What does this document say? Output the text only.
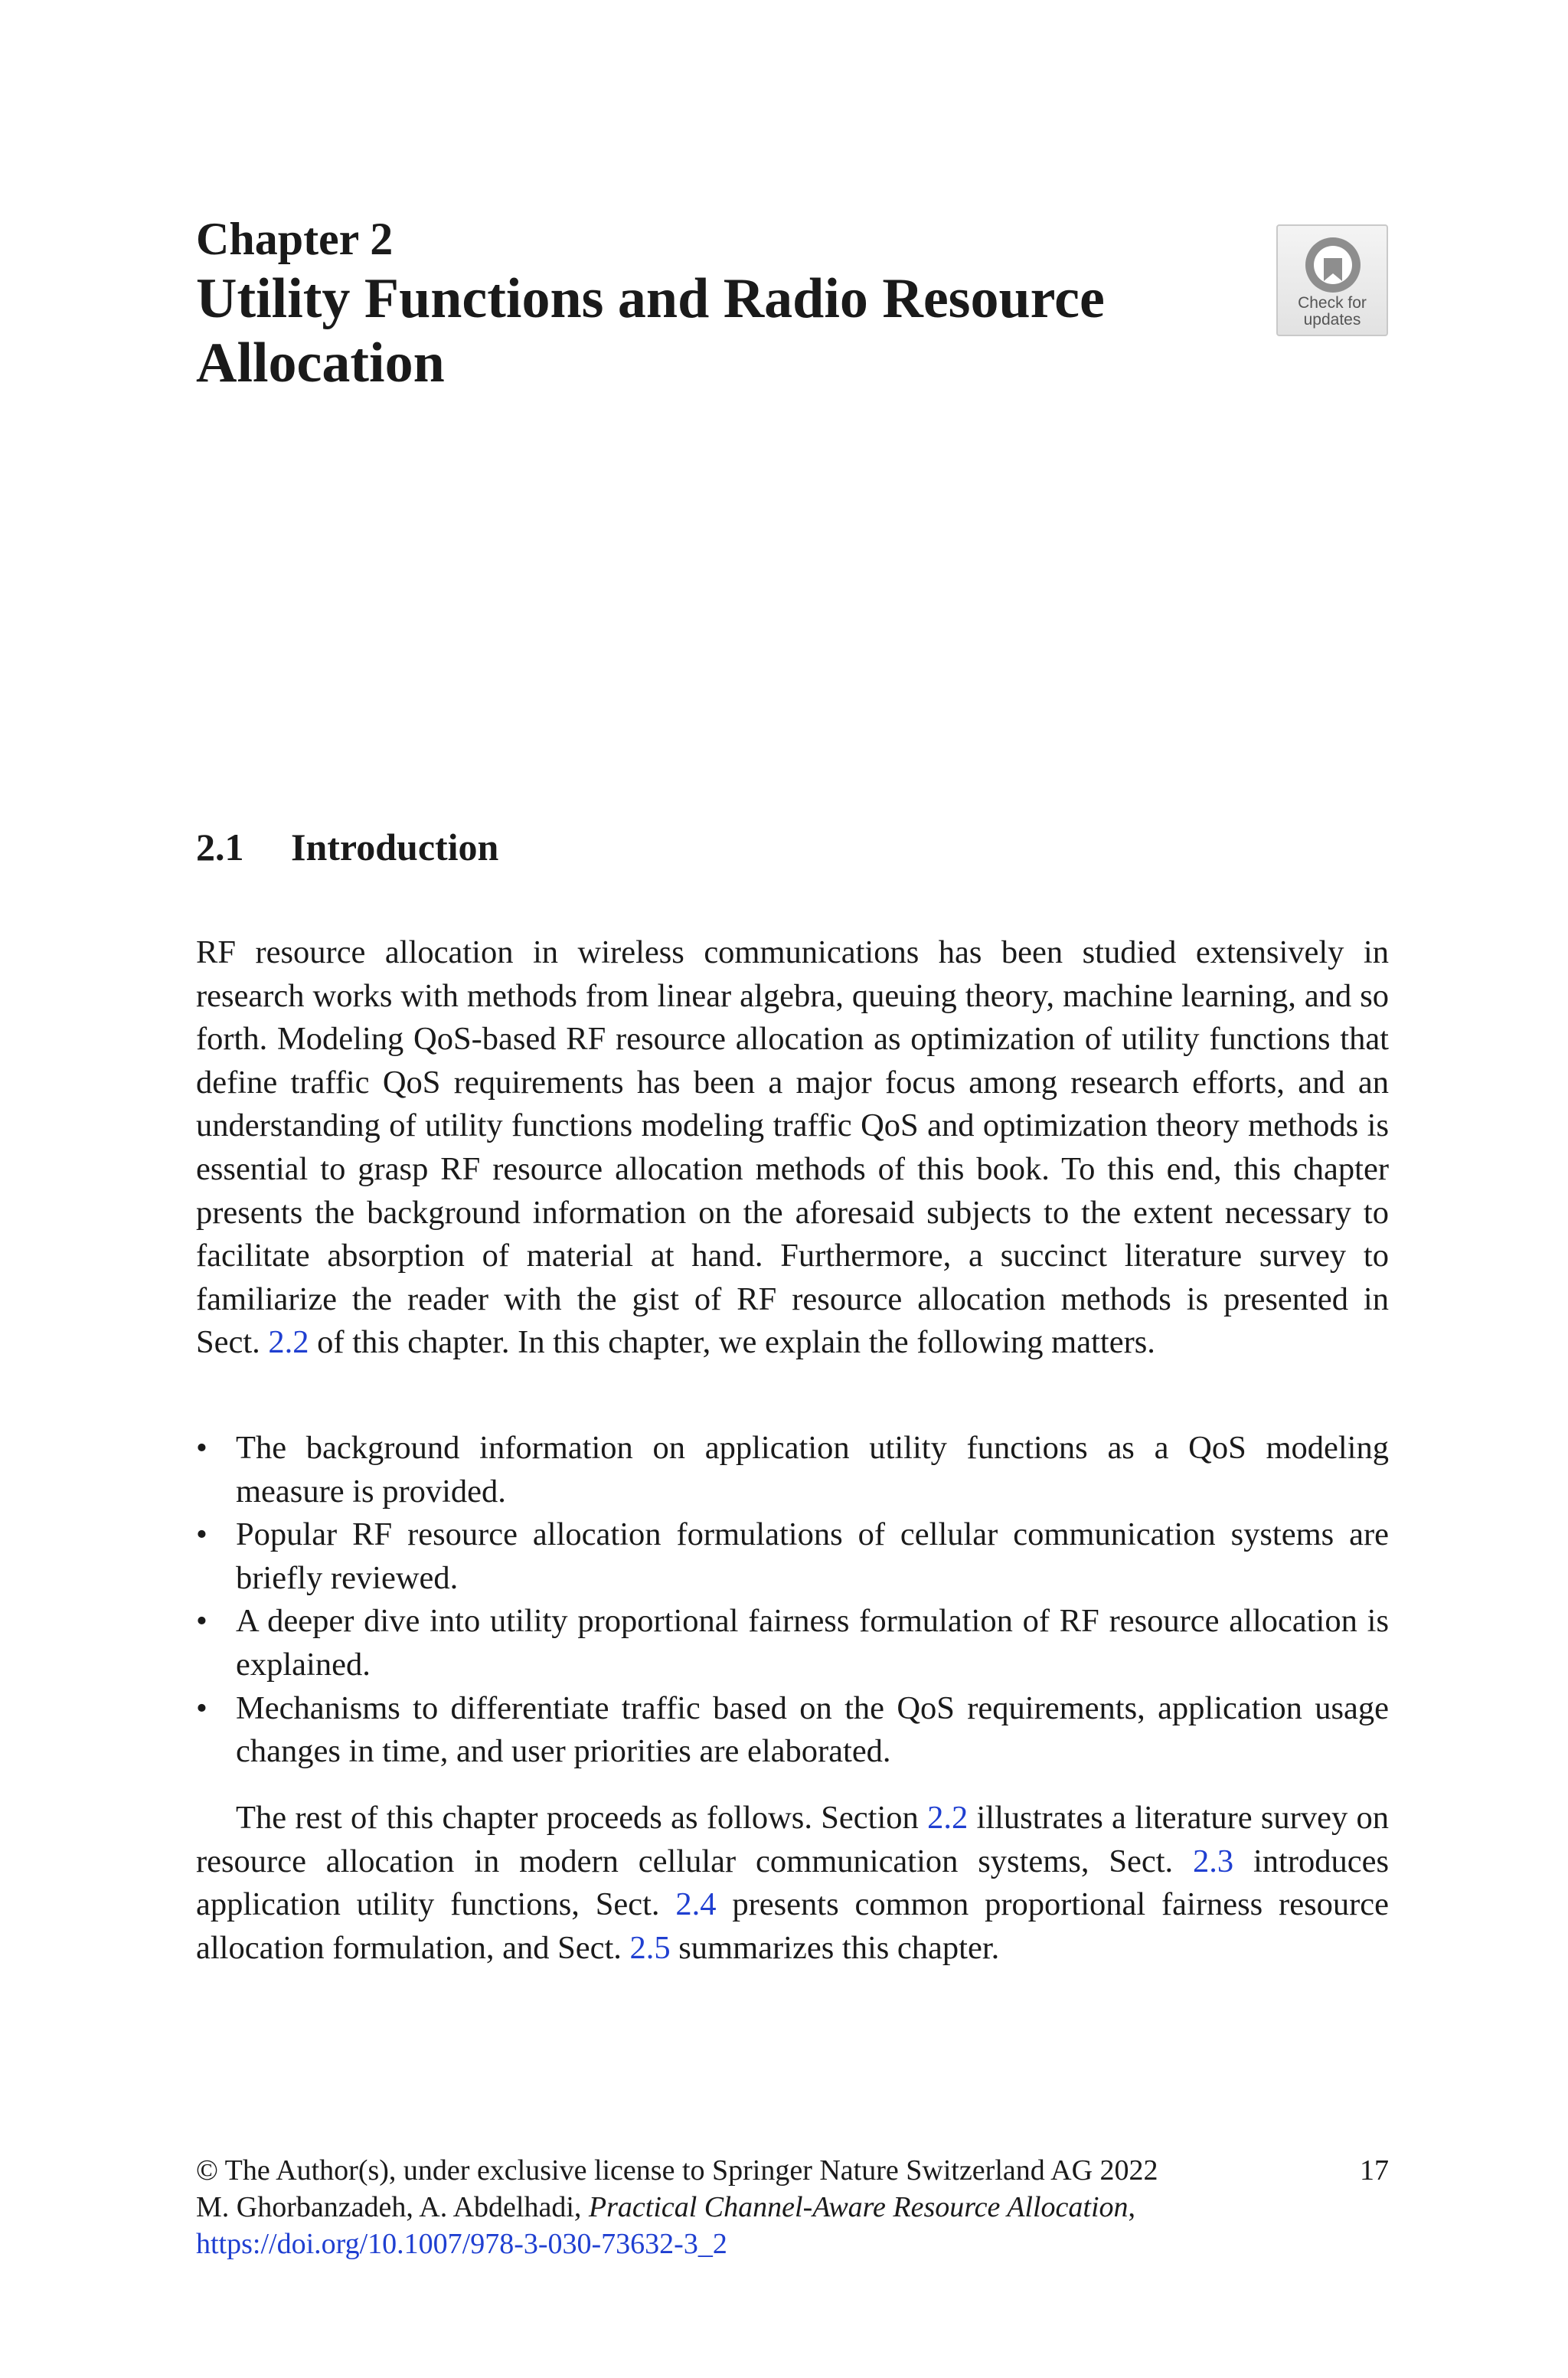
Chapter 2

Utility Functions and Radio Resource
Allocation

Check for
updates
2.1 Introduction

RF resource allocation in wireless communications has been studied extensively in research works with methods from linear algebra, queuing theory, machine learning, and so forth. Modeling QoS-based RF resource allocation as optimization of utility functions that define traffic QoS requirements has been a major focus among research efforts, and an understanding of utility functions modeling traffic QoS and optimization theory methods is essential to grasp RF resource allocation methods of this book. To this end, this chapter presents the background information on the aforesaid subjects to the extent necessary to facilitate absorption of material at hand. Furthermore, a succinct literature survey to familiarize the reader with the gist of RF resource allocation methods is presented in Sect. 2.2 of this chapter. In this chapter, we explain the following matters.

• The background information on application utility functions as a QoS modeling measure is provided.
• Popular RF resource allocation formulations of cellular communication systems are briefly reviewed.
• A deeper dive into utility proportional fairness formulation of RF resource allocation is explained.
• Mechanisms to differentiate traffic based on the QoS requirements, application usage changes in time, and user priorities are elaborated.

The rest of this chapter proceeds as follows. Section 2.2 illustrates a literature survey on resource allocation in modern cellular communication systems, Sect. 2.3 introduces application utility functions, Sect. 2.4 presents common proportional fairness resource allocation formulation, and Sect. 2.5 summarizes this chapter.

17
© The Author(s), under exclusive license to Springer Nature Switzerland AG 2022
M. Ghorbanzadeh, A. Abdelhadi, Practical Channel-Aware Resource Allocation,
https://doi.org/10.1007/978-3-030-73632-3_2
